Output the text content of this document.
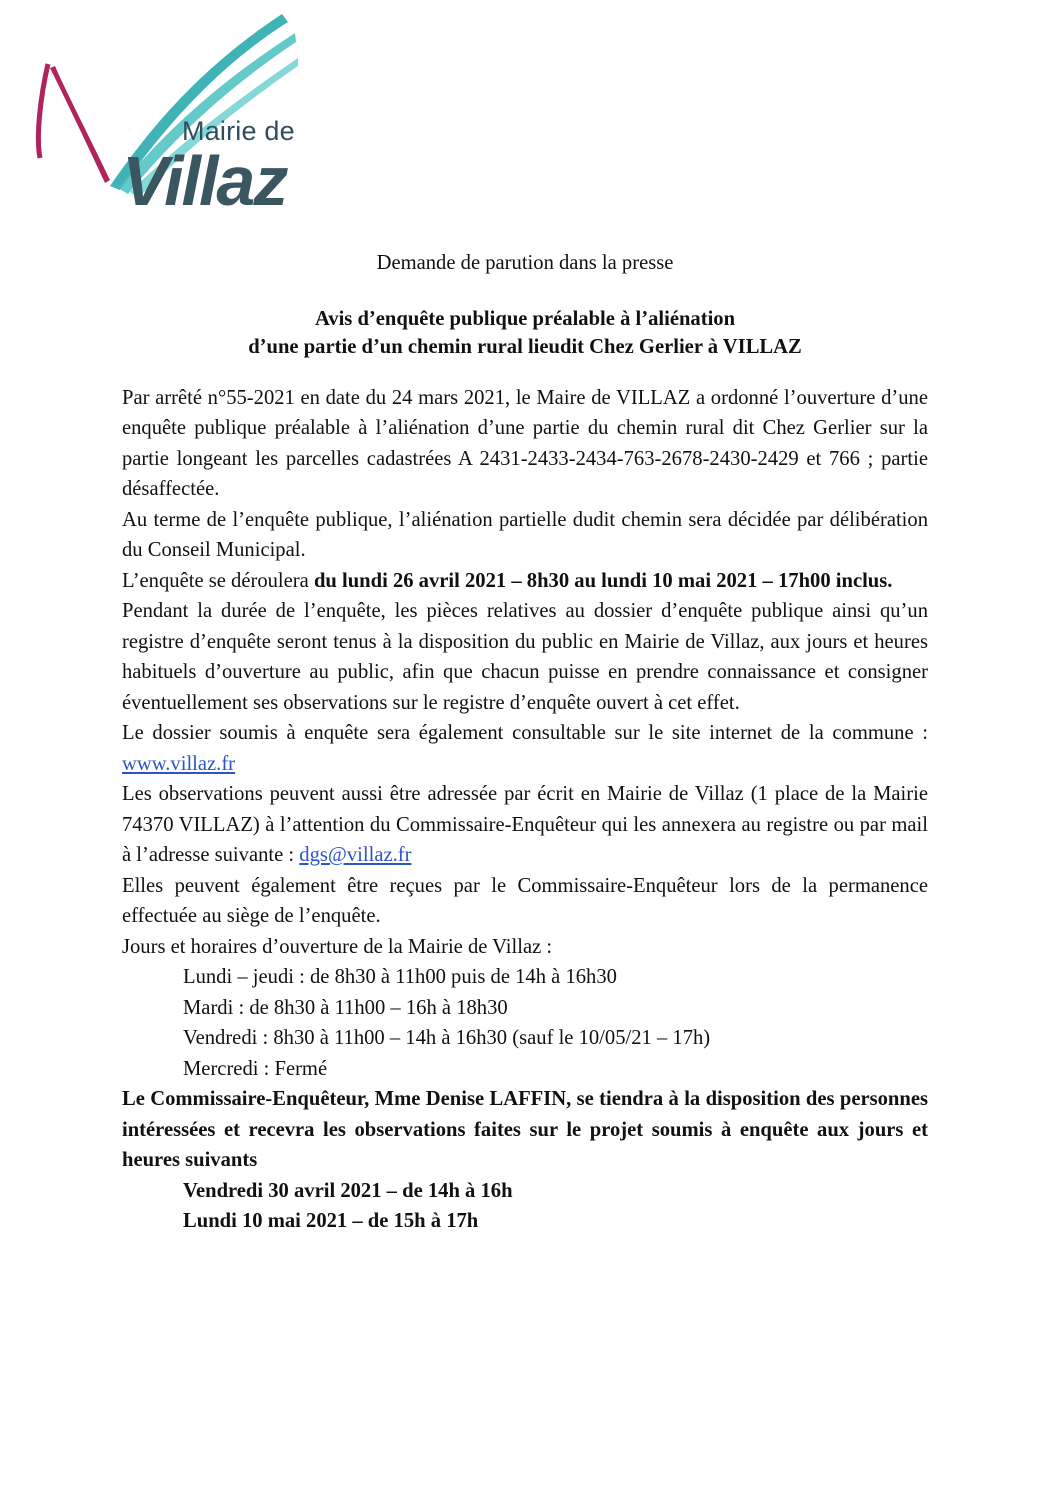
Mairie de
Villaz
Demande de parution dans la presse
Avis d’enquête publique préalable à l’aliénation
d’une partie d’un chemin rural lieudit Chez Gerlier à VILLAZ

Par arrêté n°55-2021 en date du 24 mars 2021, le Maire de VILLAZ a ordonné l’ouverture d’une enquête publique préalable à l’aliénation d’une partie du chemin rural dit Chez Gerlier sur la partie longeant les parcelles cadastrées A 2431-2433-2434-763-2678-2430-2429 et 766 ; partie désaffectée.

Au terme de l’enquête publique, l’aliénation partielle dudit chemin sera décidée par délibération du Conseil Municipal.

L’enquête se déroulera du lundi 26 avril 2021 – 8h30 au lundi 10 mai 2021 – 17h00 inclus.

Pendant la durée de l’enquête, les pièces relatives au dossier d’enquête publique ainsi qu’un registre d’enquête seront tenus à la disposition du public en Mairie de Villaz, aux jours et heures habituels d’ouverture au public, afin que chacun puisse en prendre connaissance et consigner éventuellement ses observations sur le registre d’enquête ouvert à cet effet.

Le dossier soumis à enquête sera également consultable sur le site internet de la commune : www.villaz.fr

Les observations peuvent aussi être adressée par écrit en Mairie de Villaz (1 place de la Mairie 74370 VILLAZ) à l’attention du Commissaire-Enquêteur qui les annexera au registre ou par mail à l’adresse suivante : dgs@villaz.fr

Elles peuvent également être reçues par le Commissaire-Enquêteur lors de la permanence effectuée au siège de l’enquête.

Jours et horaires d’ouverture de la Mairie de Villaz :

Lundi – jeudi : de 8h30 à 11h00 puis de 14h à 16h30
Mardi : de 8h30 à 11h00 – 16h à 18h30
Vendredi : 8h30 à 11h00 – 14h à 16h30 (sauf le 10/05/21 – 17h)
Mercredi : Fermé

Le Commissaire-Enquêteur, Mme Denise LAFFIN, se tiendra à la disposition des personnes intéressées et recevra les observations faites sur le projet soumis à enquête aux jours et heures suivants

Vendredi 30 avril 2021 – de 14h à 16h
Lundi 10 mai 2021 – de 15h à 17h
